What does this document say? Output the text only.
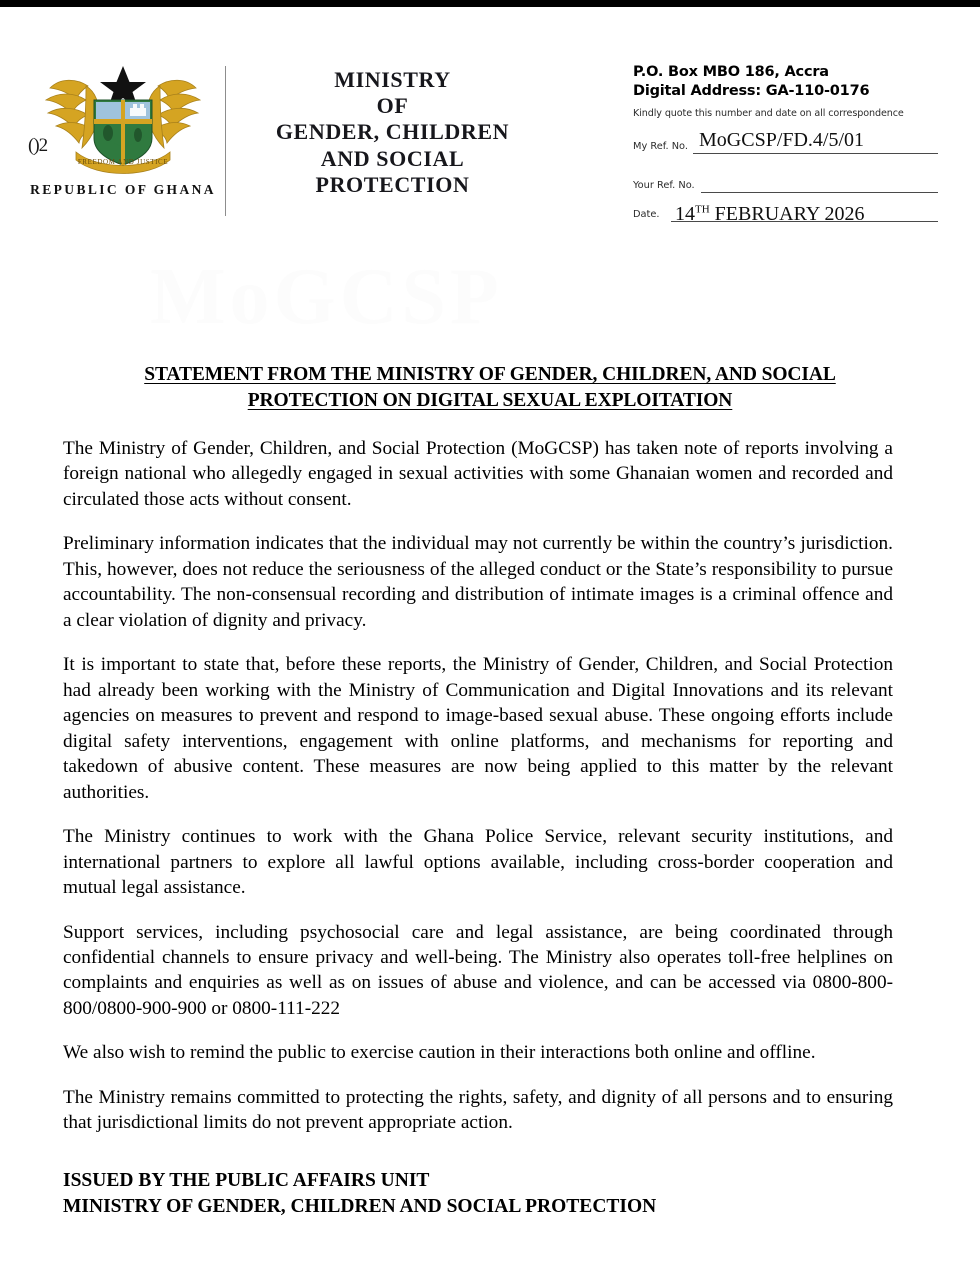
FREEDOM AND JUSTICE
REPUBLIC OF GHANA
()2
MINISTRY
OF
GENDER, CHILDREN
AND SOCIAL
PROTECTION
P.O. Box MBO 186, Accra
Digital Address: GA-110-0176
Kindly quote this number and date on all correspondence
My Ref. No. MoGCSP/FD.4/5/01
Your Ref. No.
Date. 14TH FEBRUARY 2026
MoGCSP
STATEMENT FROM THE MINISTRY OF GENDER, CHILDREN, AND SOCIAL
PROTECTION ON DIGITAL SEXUAL EXPLOITATION

The Ministry of Gender, Children, and Social Protection (MoGCSP) has taken note of reports involving a foreign national who allegedly engaged in sexual activities with some Ghanaian women and recorded and circulated those acts without consent.

Preliminary information indicates that the individual may not currently be within the country’s jurisdiction. This, however, does not reduce the seriousness of the alleged conduct or the State’s responsibility to pursue accountability. The non-consensual recording and distribution of intimate images is a criminal offence and a clear violation of dignity and privacy.

It is important to state that, before these reports, the Ministry of Gender, Children, and Social Protection had already been working with the Ministry of Communication and Digital Innovations and its relevant agencies on measures to prevent and respond to image-based sexual abuse. These ongoing efforts include digital safety interventions, engagement with online platforms, and mechanisms for reporting and takedown of abusive content. These measures are now being applied to this matter by the relevant authorities.

The Ministry continues to work with the Ghana Police Service, relevant security institutions, and international partners to explore all lawful options available, including cross-border cooperation and mutual legal assistance.

Support services, including psychosocial care and legal assistance, are being coordinated through confidential channels to ensure privacy and well-being. The Ministry also operates toll-free helplines on complaints and enquiries as well as on issues of abuse and violence, and can be accessed via 0800-800-800/0800-900-900 or 0800-111-222

We also wish to remind the public to exercise caution in their interactions both online and offline.

The Ministry remains committed to protecting the rights, safety, and dignity of all persons and to ensuring that jurisdictional limits do not prevent appropriate action.

ISSUED BY THE PUBLIC AFFAIRS UNIT
MINISTRY OF GENDER, CHILDREN AND SOCIAL PROTECTION
